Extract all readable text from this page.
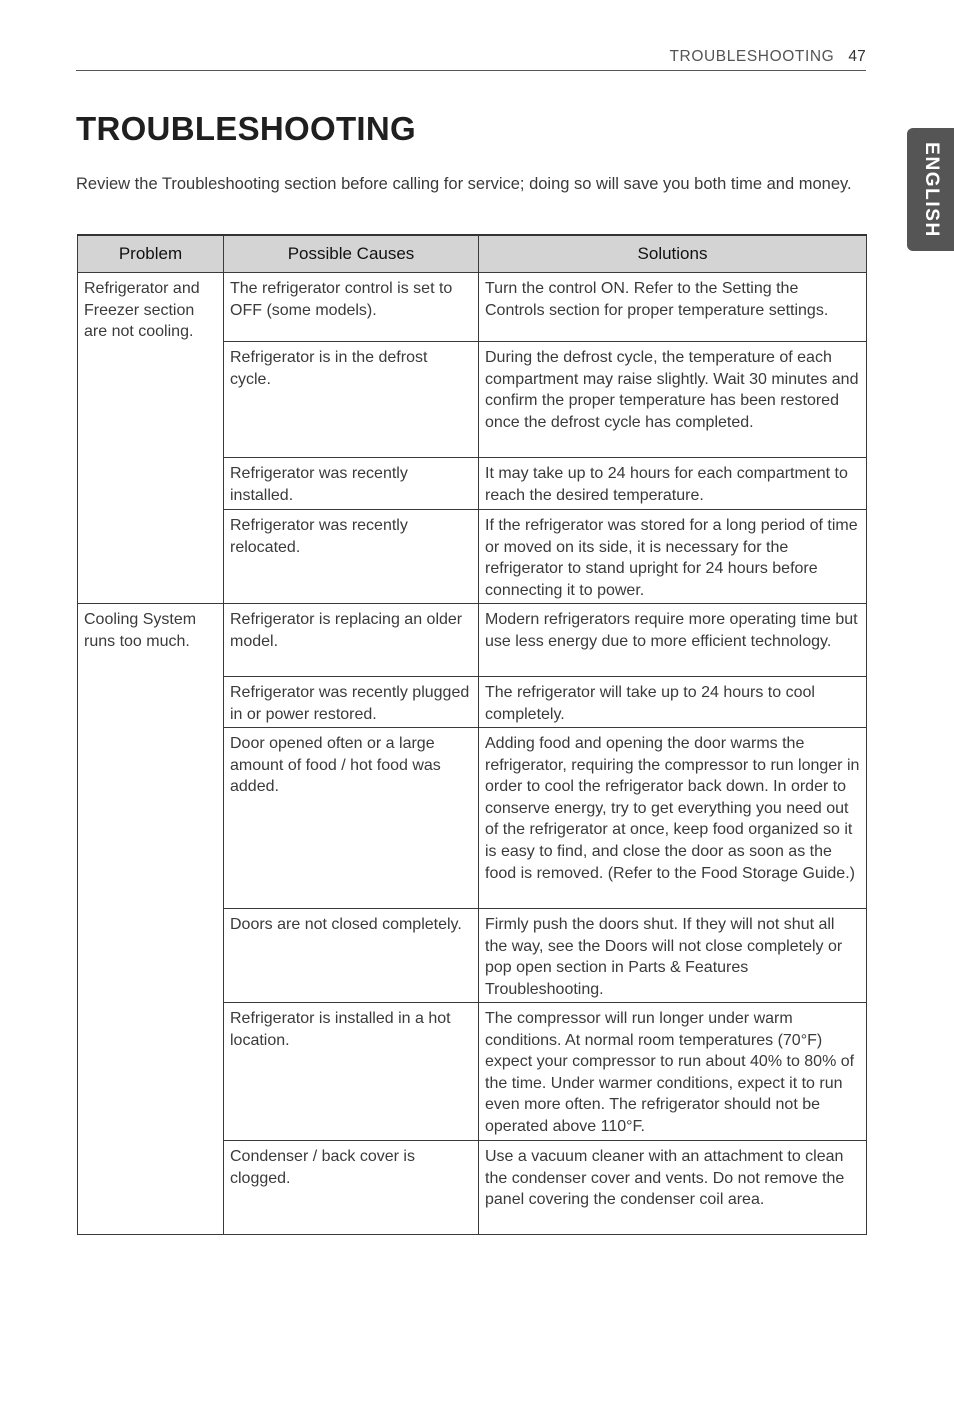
TROUBLESHOOTING 47
ENGLISH
TROUBLESHOOTING

Review the Troubleshooting section before calling for service; doing so will save you both time and money.

Problem	Possible Causes	Solutions
Refrigerator and Freezer section are not cooling.	The refrigerator control is set to OFF (some models).	Turn the control ON. Refer to the Setting the Controls section for proper temperature settings.
	Refrigerator is in the defrost cycle.	During the defrost cycle, the temperature of each compartment may raise slightly. Wait 30 minutes and confirm the proper temperature has been restored once the defrost cycle has completed.
	Refrigerator was recently installed.	It may take up to 24 hours for each compartment to reach the desired temperature.
	Refrigerator was recently relocated.	If the refrigerator was stored for a long period of time or moved on its side, it is necessary for the refrigerator to stand upright for 24 hours before connecting it to power.
Cooling System runs too much.	Refrigerator is replacing an older model.	Modern refrigerators require more operating time but use less energy due to more efficient technology.
	Refrigerator was recently plugged in or power restored.	The refrigerator will take up to 24 hours to cool completely.
	Door opened often or a large amount of food / hot food was added.	Adding food and opening the door warms the refrigerator, requiring the compressor to run longer in order to cool the refrigerator back down. In order to conserve energy, try to get everything you need out of the refrigerator at once, keep food organized so it is easy to find, and close the door as soon as the food is removed. (Refer to the Food Storage Guide.)
	Doors are not closed completely.	Firmly push the doors shut. If they will not shut all the way, see the Doors will not close completely or pop open section in Parts & Features Troubleshooting.
	Refrigerator is installed in a hot location.	The compressor will run longer under warm conditions. At normal room temperatures (70°F) expect your compressor to run about 40% to 80% of the time. Under warmer conditions, expect it to run even more often. The refrigerator should not be operated above 110°F.
	Condenser / back cover is clogged.	Use a vacuum cleaner with an attachment to clean the condenser cover and vents. Do not remove the panel covering the condenser coil area.
